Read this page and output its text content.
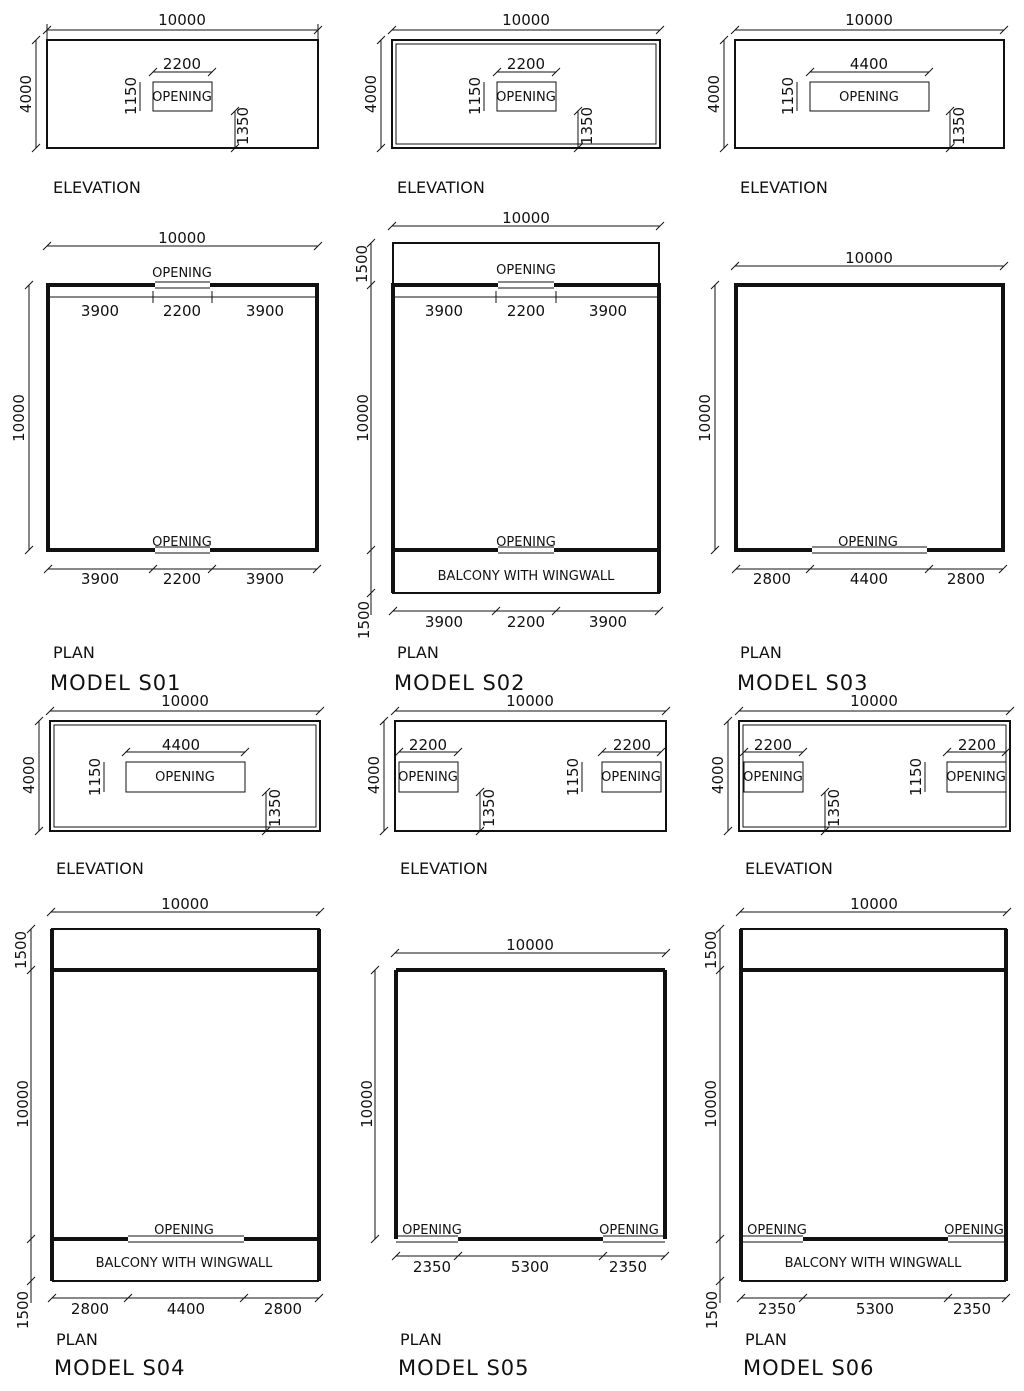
10000
4000	OPENING
2200
1150
1350
ELEVATION
10000
OPENING
OPENING
3900	2200	3900
10000
3900	2200	3900
PLAN
MODEL S01
10000
4000	OPENING
2200
1150
1350
ELEVATION
10000
OPENING
OPENING
BALCONY WITH WINGWALL
3900	2200	3900
1500
10000
1500	3900	2200	3900
PLAN
MODEL S02
10000
4000	OPENING
4400
1150
1350
ELEVATION
10000
OPENING
10000
2800	4400	2800
PLAN
MODEL S03
10000
4000	OPENING
4400
1150
1350
ELEVATION
10000
OPENING
BALCONY WITH WINGWALL
1500
10000
1500	2800	4400	2800
PLAN
MODEL S04
10000
4000 OPENING
2200
1350
OPENING
2200
1150
ELEVATION
10000
OPENING	OPENING
10000
2350	5300	2350
PLAN
MODEL S05
10000
4000 OPENING
2200
1350
OPENING
2200
1150
ELEVATION
10000
OPENING	OPENING
BALCONY WITH WINGWALL
1500
10000
1500 2350	5300	2350
PLAN
MODEL S06
